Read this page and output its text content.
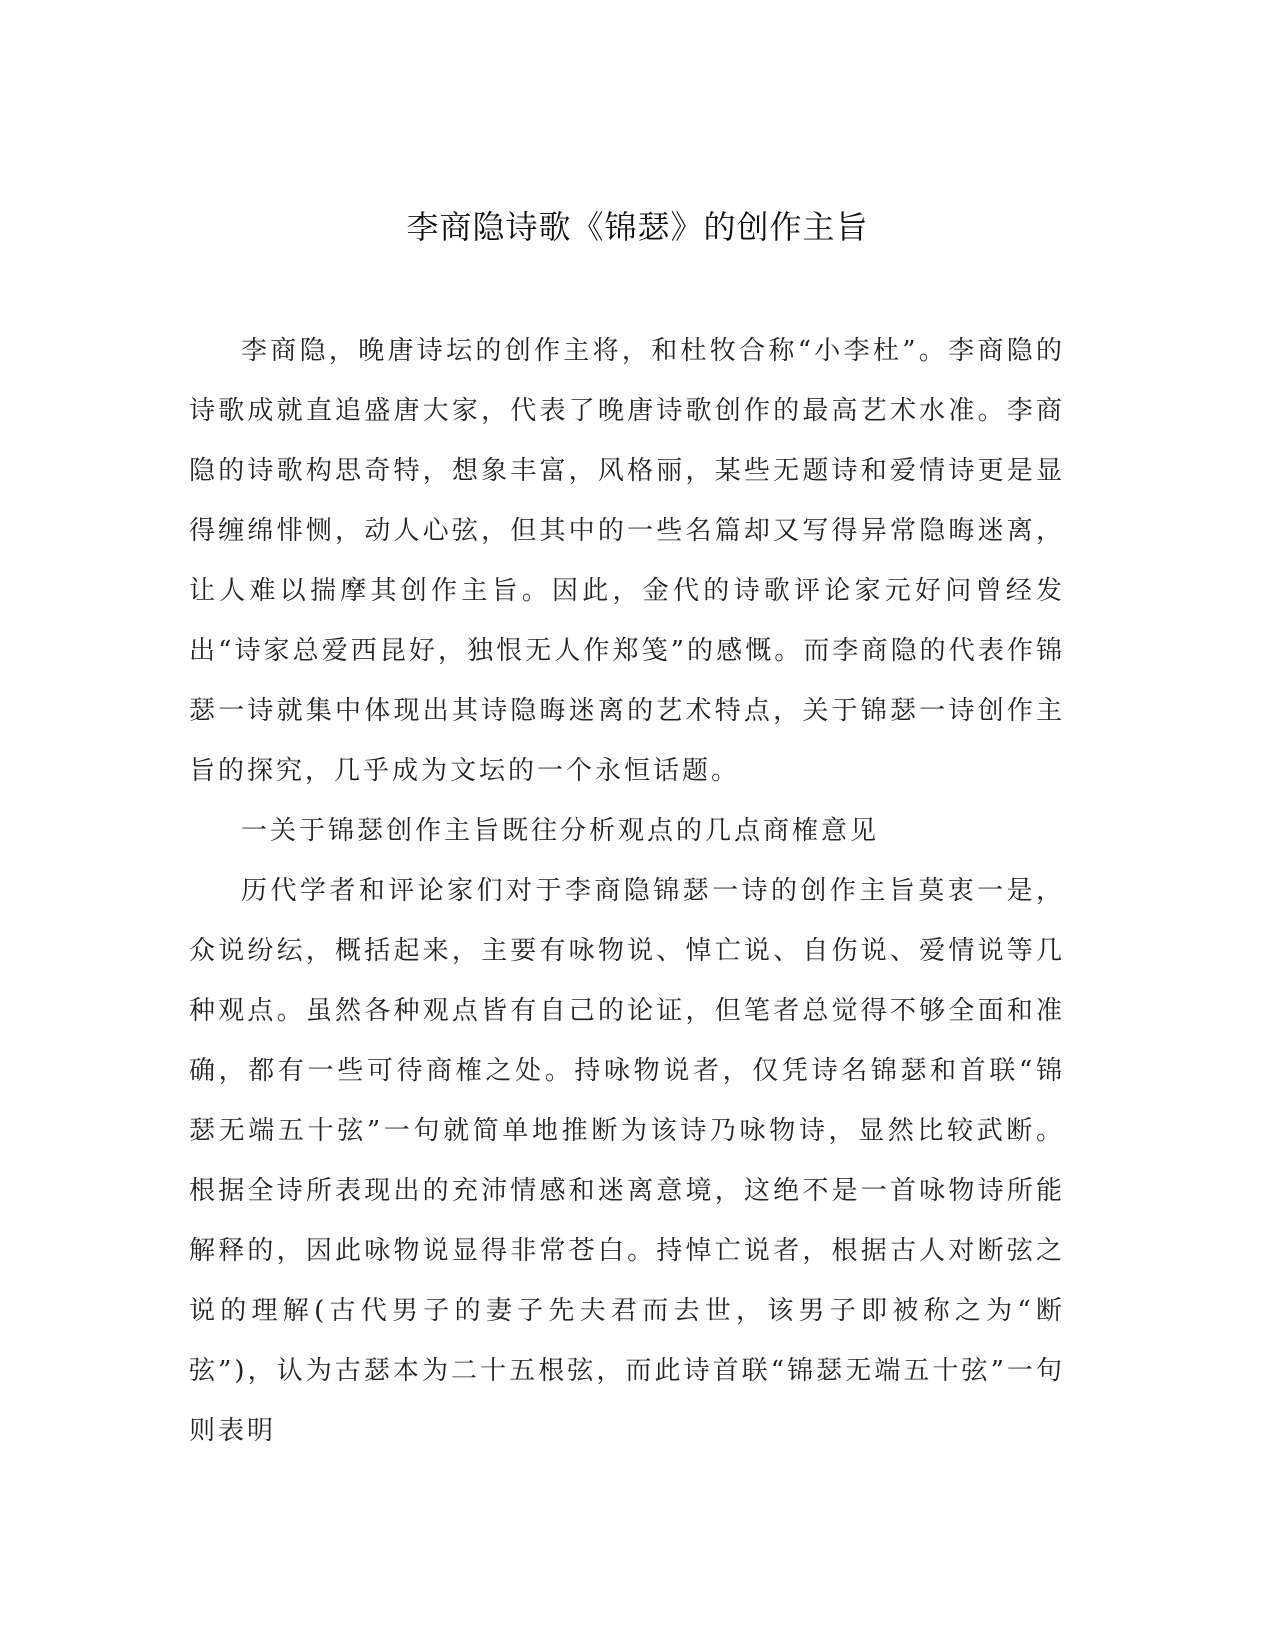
李商隐诗歌《锦瑟》的创作主旨

李商隐，晚唐诗坛的创作主将，和杜牧合称“小李杜”。李商隐的诗歌成就直追盛唐大家，代表了晚唐诗歌创作的最高艺术水准。李商隐的诗歌构思奇特，想象丰富，风格丽，某些无题诗和爱情诗更是显得缠绵悱恻，动人心弦，但其中的一些名篇却又写得异常隐晦迷离，让人难以揣摩其创作主旨。因此，金代的诗歌评论家元好问曾经发出“诗家总爱西昆好，独恨无人作郑笺”的感慨。而李商隐的代表作锦瑟一诗就集中体现出其诗隐晦迷离的艺术特点，关于锦瑟一诗创作主旨的探究，几乎成为文坛的一个永恒话题。

一关于锦瑟创作主旨既往分析观点的几点商榷意见

历代学者和评论家们对于李商隐锦瑟一诗的创作主旨莫衷一是，众说纷纭，概括起来，主要有咏物说、悼亡说、自伤说、爱情说等几种观点。虽然各种观点皆有自己的论证，但笔者总觉得不够全面和准确，都有一些可待商榷之处。持咏物说者，仅凭诗名锦瑟和首联“锦瑟无端五十弦”一句就简单地推断为该诗乃咏物诗，显然比较武断。根据全诗所表现出的充沛情感和迷离意境，这绝不是一首咏物诗所能解释的，因此咏物说显得非常苍白。持悼亡说者，根据古人对断弦之说的理解(古代男子的妻子先夫君而去世，该男子即被称之为“断弦”)，认为古瑟本为二十五根弦，而此诗首联“锦瑟无端五十弦”一句则表明
